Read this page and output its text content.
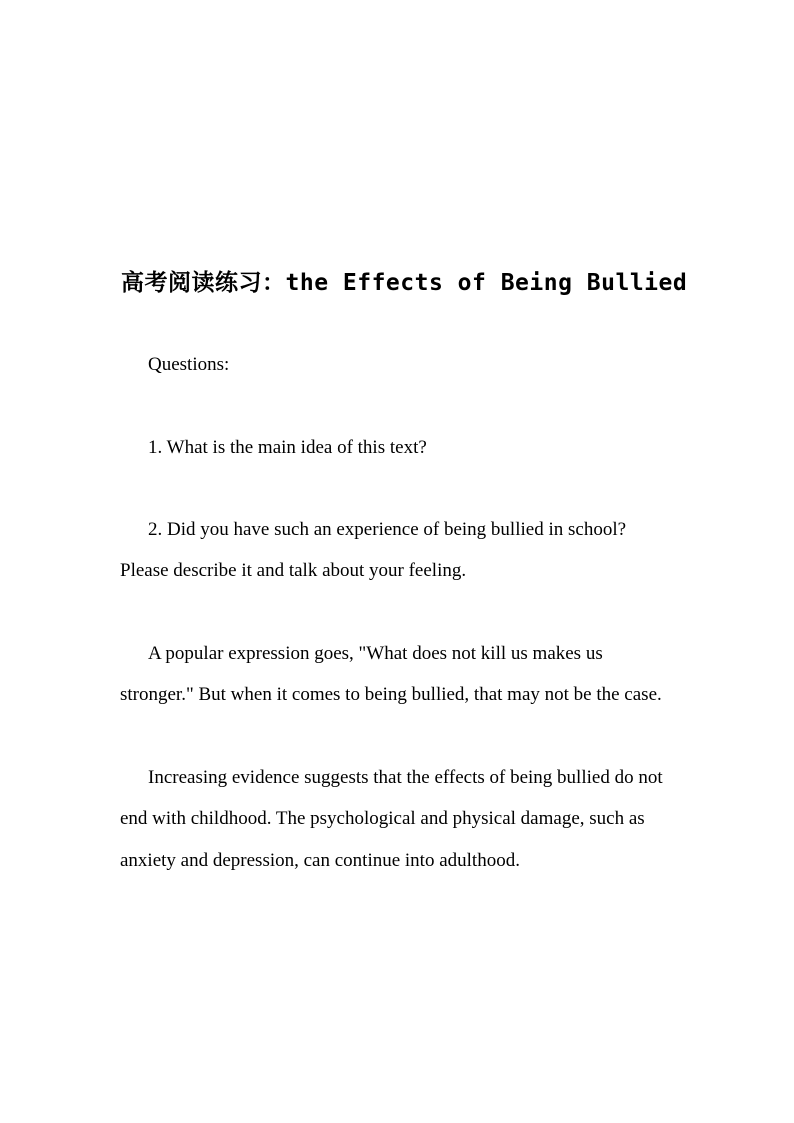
高考阅读练习：the Effects of Being Bullied

Questions:

1. What is the main idea of this text?

2. Did you have such an experience of being bullied in school? Please describe it and talk about your feeling.

A popular expression goes, "What does not kill us makes us stronger." But when it comes to being bullied, that may not be the case.

Increasing evidence suggests that the effects of being bullied do not end with childhood. The psychological and physical damage, such as anxiety and depression, can continue into adulthood.
